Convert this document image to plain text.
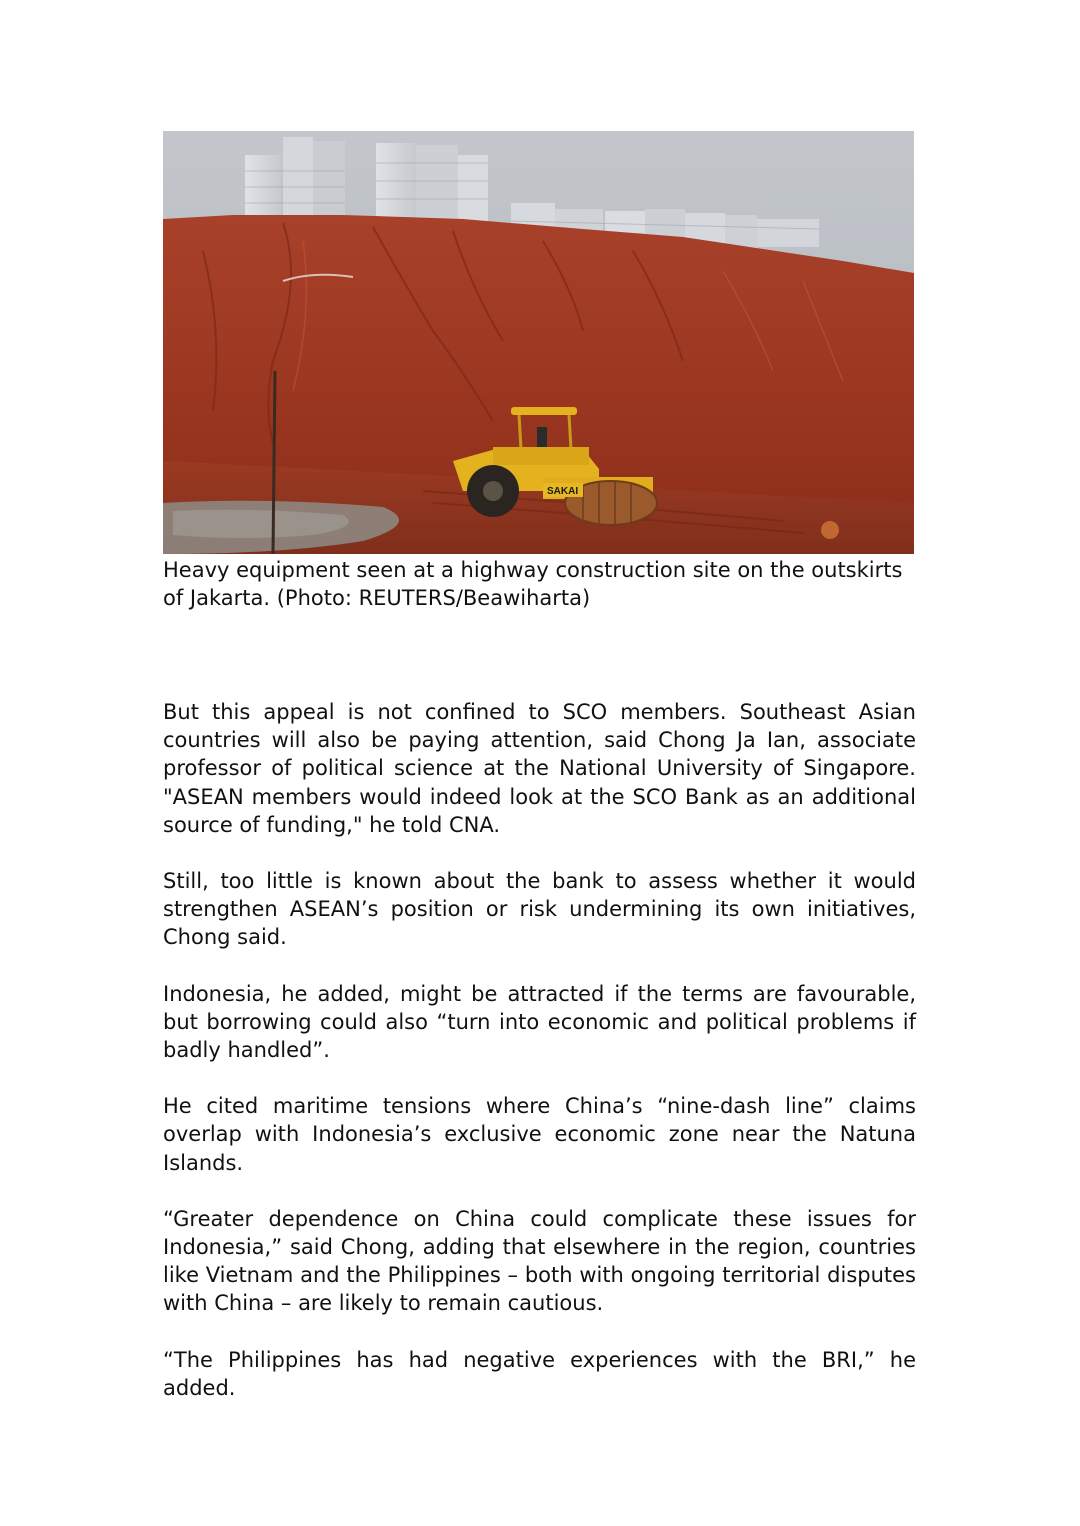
SAKAI
Heavy equipment seen at a highway construction site on the outskirts of Jakarta. (Photo: REUTERS/Beawiharta)

But this appeal is not confined to SCO members. Southeast Asian countries will also be paying attention, said Chong Ja Ian, associate professor of political science at the National University of Singapore. "ASEAN members would indeed look at the SCO Bank as an additional source of funding," he told CNA.

Still, too little is known about the bank to assess whether it would strengthen ASEAN’s position or risk undermining its own initiatives, Chong said.

Indonesia, he added, might be attracted if the terms are favourable, but borrowing could also “turn into economic and political problems if badly handled”.

He cited maritime tensions where China’s “nine-dash line” claims overlap with Indonesia’s exclusive economic zone near the Natuna Islands.

“Greater dependence on China could complicate these issues for Indonesia,” said Chong, adding that elsewhere in the region, countries like Vietnam and the Philippines – both with ongoing territorial disputes with China – are likely to remain cautious.

“The Philippines has had negative experiences with the BRI,” he added.
